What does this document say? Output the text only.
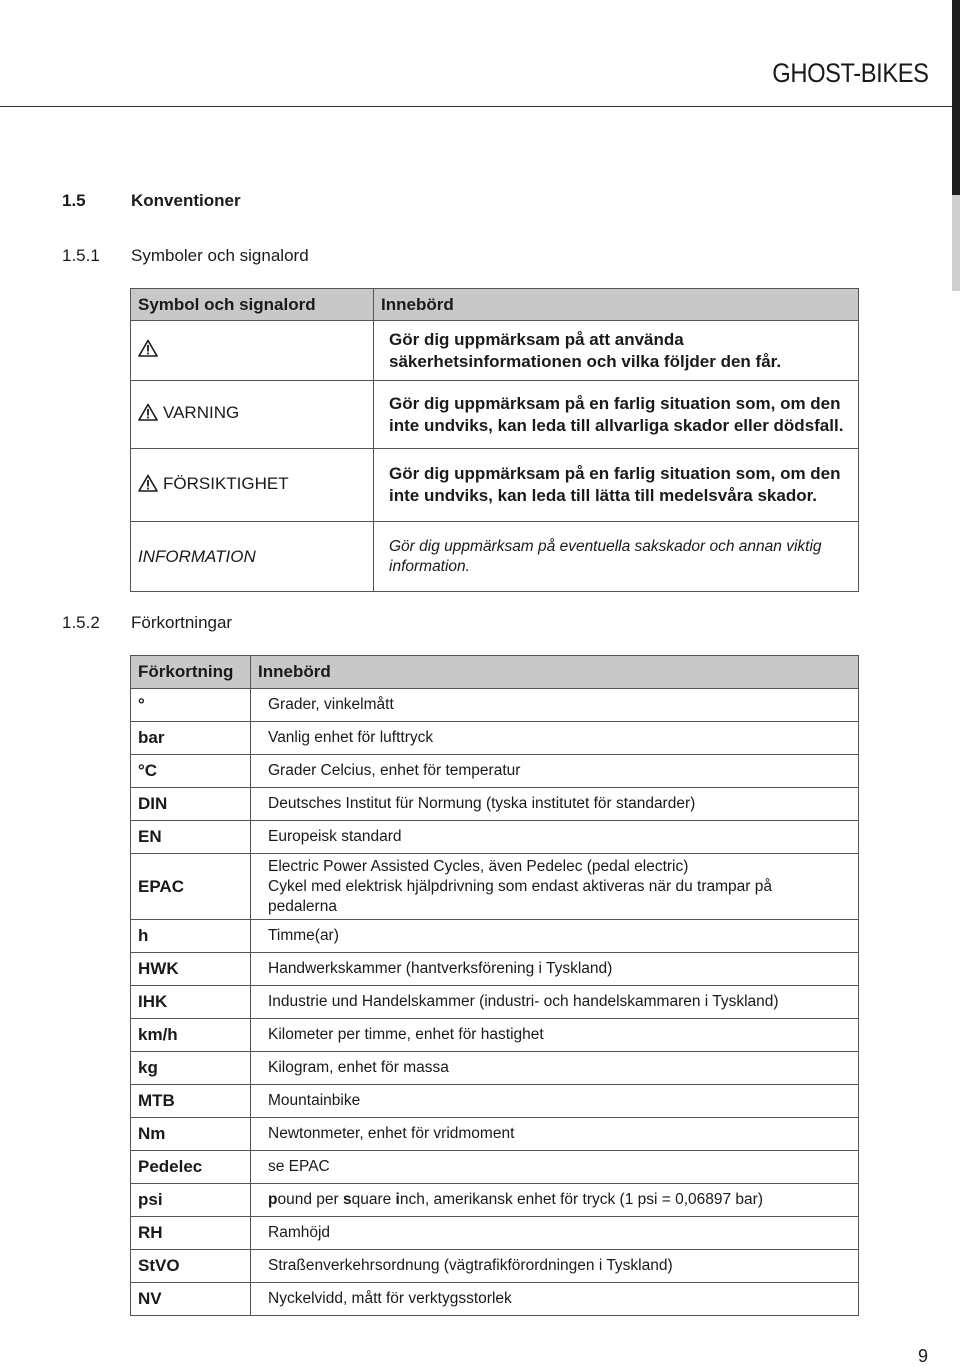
GHOST-BIKES
1.5	Konventioner
1.5.1 Symboler och signalord
Symbol och signalord	Innebörd
	Gör dig uppmärksam på att använda säkerhetsinformationen och vilka följder den får.
VARNING	Gör dig uppmärksam på en farlig situation som, om den inte undviks, kan leda till allvarliga skador eller dödsfall.
FÖRSIKTIGHET	Gör dig uppmärksam på en farlig situation som, om den inte undviks, kan leda till lätta till medelsvåra skador.
INFORMATION	Gör dig uppmärksam på eventuella sakskador och annan viktig information.
1.5.2 Förkortningar
Förkortning	Innebörd
°	Grader, vinkelmått
bar	Vanlig enhet för lufttryck
°C	Grader Celcius, enhet för temperatur
DIN	Deutsches Institut für Normung (tyska institutet för standarder)
EN	Europeisk standard
EPAC	Electric Power Assisted Cycles, även Pedelec (pedal electric)
Cykel med elektrisk hjälpdrivning som endast aktiveras när du trampar på pedalerna

h	Timme(ar)
HWK	Handwerkskammer (hantverksförening i Tyskland)
IHK	Industrie und Handelskammer (industri- och handelskammaren i Tyskland)
km/h	Kilometer per timme, enhet för hastighet
kg	Kilogram, enhet för massa
MTB	Mountainbike
Nm	Newtonmeter, enhet för vridmoment
Pedelec	se EPAC
psi	pound per square inch, amerikansk enhet för tryck (1 psi = 0,06897 bar)
RH	Ramhöjd
StVO	Straßenverkehrsordnung (vägtrafikförordningen i Tyskland)
NV	Nyckelvidd, mått för verktygsstorlek
9
